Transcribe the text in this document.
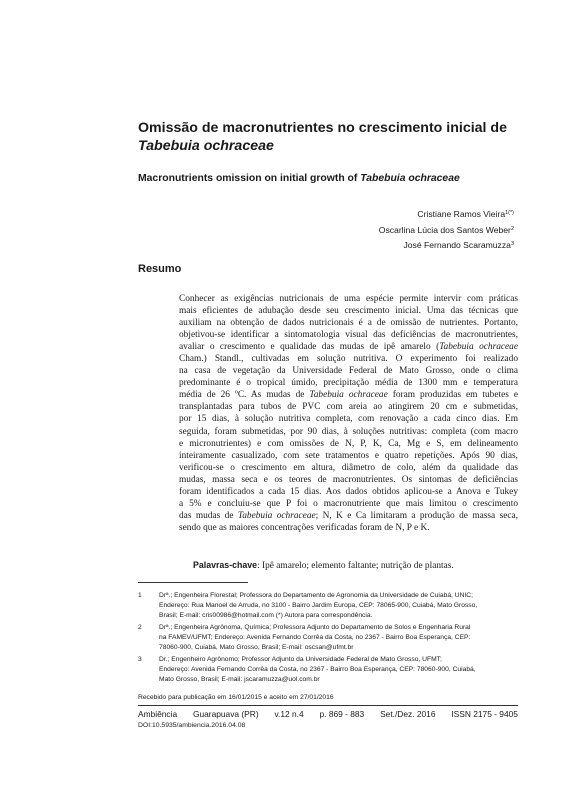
Omissão de macronutrientes no crescimento inicial de
Tabebuia ochraceae
Macronutrients omission on initial growth of Tabebuia ochraceae
Cristiane Ramos Vieira$^{1(*)}$
Oscarlina Lúcia dos Santos Weber$^2$
José Fernando Scaramuzza$^3$
Resumo
Conhecer as exigências nutricionais de uma espécie permite intervir com práticas
mais eficientes de adubação desde seu crescimento inicial. Uma das técnicas que
auxiliam na obtenção de dados nutricionais é a de omissão de nutrientes. Portanto,
objetivou-se identificar a sintomatologia visual das deficiências de macronutrientes,
avaliar o crescimento e qualidade das mudas de ipê amarelo (Tabebuia ochraceae
Cham.) Standl., cultivadas em solução nutritiva. O experimento foi realizado
na casa de vegetação da Universidade Federal de Mato Grosso, onde o clima
predominante é o tropical úmido, precipitação média de 1300 mm e temperatura
média de 26 ºC. As mudas de Tabebuia ochraceae foram produzidas em tubetes e
transplantadas para tubos de PVC com areia ao atingirem 20 cm e submetidas,
por 15 dias, à solução nutritiva completa, com renovação a cada cinco dias. Em
seguida, foram submetidas, por 90 dias, à soluções nutritivas: completa (com macro
e micronutrientes) e com omissões de N, P, K, Ca, Mg e S, em delineamento
inteiramente casualizado, com sete tratamentos e quatro repetições. Após 90 dias,
verificou-se o crescimento em altura, diâmetro de colo, além da qualidade das
mudas, massa seca e os teores de macronutrientes. Os sintomas de deficiências
foram identificados a cada 15 dias. Aos dados obtidos aplicou-se a Anova e Tukey
a 5% e concluiu-se que P foi o macronutriente que mais limitou o crescimento
das mudas de Tabebuia ochraceae; N, K e Ca limitaram a produção de massa seca,
sendo que as maiores concentrações verificadas foram de N, P e K.
Palavras-chave: Ipê amarelo; elemento faltante; nutrição de plantas.
1	Drª.; Engenheira Florestal; Professora do Departamento de Agronomia da Universidade de Cuiabá, UNIC;
Endereço: Rua Manoel de Arruda, no 3100 - Bairro Jardim Europa, CEP: 78065-900, Cuiabá, Mato Grosso,
Brasil; E-mail: cris00986@hotmail.com (*) Autora para correspondência.
2	Drª.; Engenheira Agrônoma, Química; Professora Adjunto do Departamento de Solos e Engenharia Rural
na FAMEV/UFMT; Endereço: Avenida Fernando Corrêa da Costa, no 2367 - Bairro Boa Esperança, CEP:
78060-900, Cuiabá, Mato Grosso, Brasil; E-mail: oscsan@ufmt.br
3	Dr.; Engenheiro Agrônomo; Professor Adjunto da Universidade Federal de Mato Grosso, UFMT;
Endereço: Avenida Fernando Corrêa da Costa, no 2367 - Bairro Boa Esperança, CEP: 78060-900, Cuiabá,
Mato Grosso, Brasil; E-mail: jscaramuzza@uol.com.br
Recebido para publicação em 16/01/2015 e aceito em 27/01/2016
Ambiência Guarapuava (PR) v.12 n.4 p. 869 - 883 Set./Dez. 2016 ISSN 2175 - 9405
DOI:10.5935/ambiencia.2016.04.08
